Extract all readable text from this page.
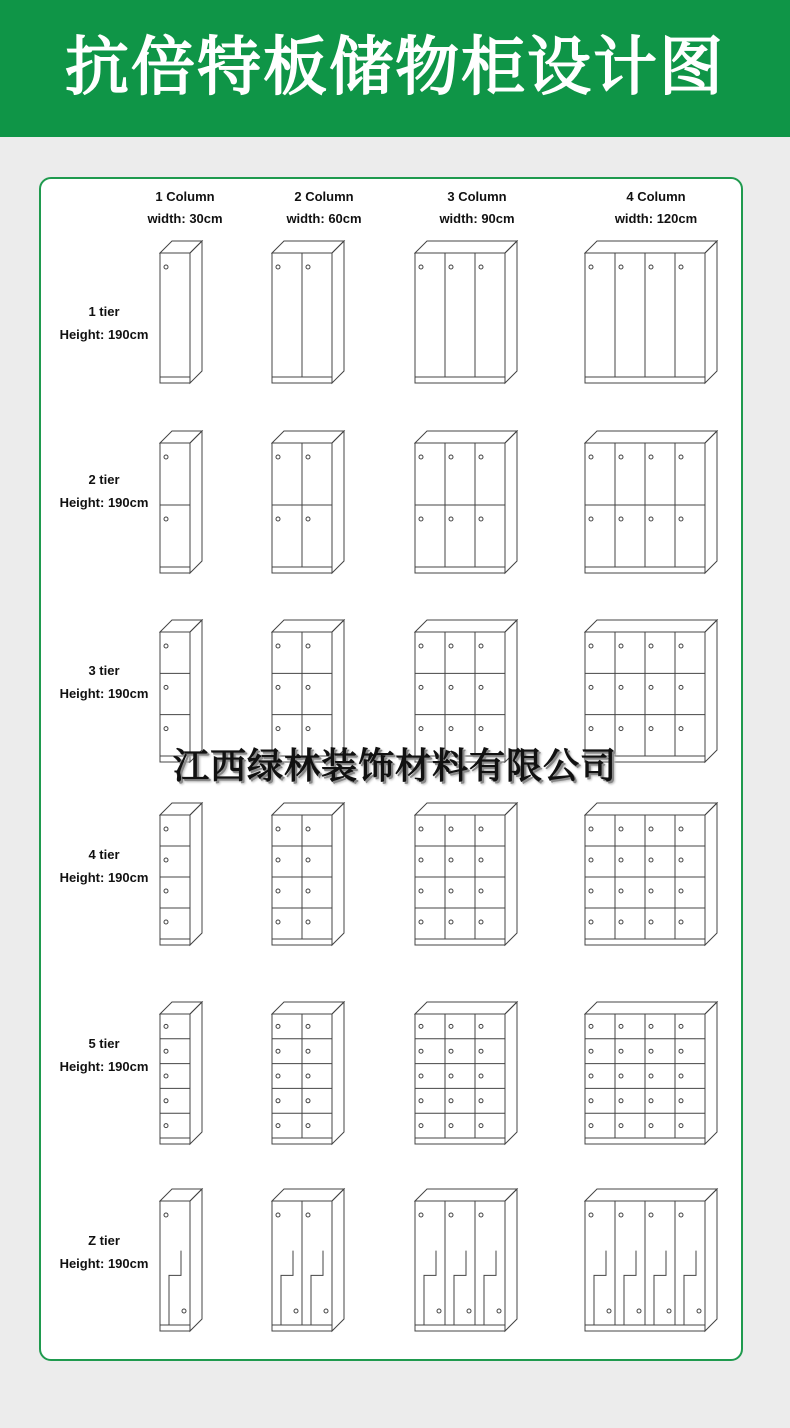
抗倍特板储物柜设计图
1 Column
width: 30cm
2 Column
width: 60cm
3 Column
width: 90cm
4 Column
width: 120cm
1 tier
Height: 190cm
2 tier
Height: 190cm
3 tier
Height: 190cm
4 tier
Height: 190cm
5 tier
Height: 190cm
Z tier
Height: 190cm
江西绿林装饰材料有限公司
